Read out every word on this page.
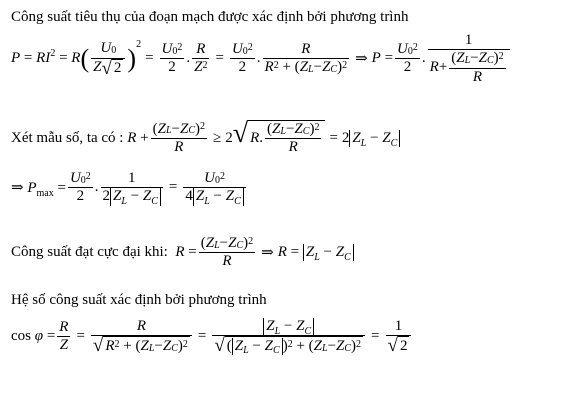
Công suất tiêu thụ của đoạn mạch được xác định bởi phương trình
$P = RI^2 = R$ ( $\frac{U_0}{Z √ 2} )^2$
= $\frac{U_0^2}{2}$ . $\frac{R}{Z^2} = \frac{U_0^2}{2}$ . $\frac{R}{R^2 + ( Z _L - Z _C )^2}$ ⇒ $P = \frac{U_0^2}{2}$ . $\frac{1}{R + \frac{( Z _L - Z _C )^2}{R}}$
Xét mẫu số, ta có :
$R + \frac{( Z _L - Z _C )^2}{R} \ge 2$ √ R . $\frac{( Z _L - Z _C )^2}{R} = 2$ $Z_L - Z_C$
⇒ $P_{max} = \frac{U_0^2}{2}$ . $\frac{1}{2 Z_L - Z_C} = \frac{U_0^2}{4 Z_L - Z_C}$
Công suất đạt cực đại khi:
$R = \frac{( Z _L - Z _C )^2}{R}$ ⇒ $R = Z_L - Z_C$
Hệ số công suất xác định bởi phương trình
$\cos \varphi = \frac{R}{Z} = \frac{R}{√ R^2 + ( Z _L - Z _C )^2} = \frac{Z_L - Z_C}{√ ( Z_L - Z_C )^2 + ( Z _L - Z _C )^2} = \frac{1}{√ 2}$
